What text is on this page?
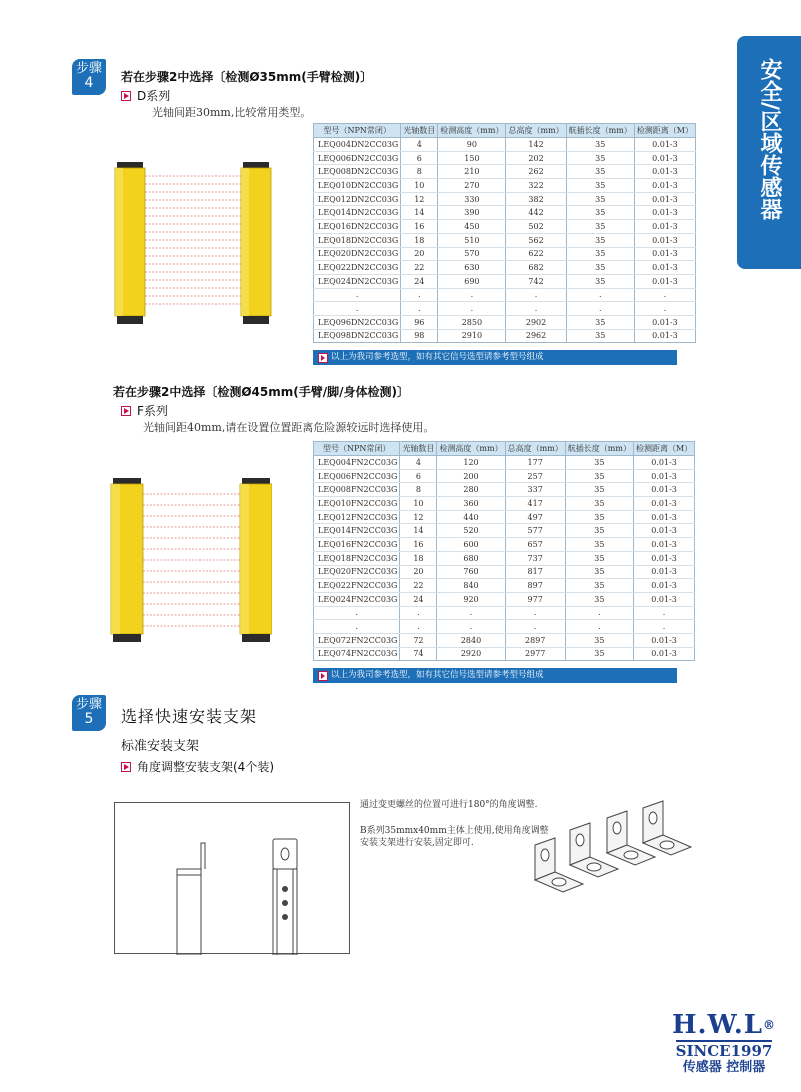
安全/区域传感器
步骤
4	若在步骤2中选择〔检测Ø35mm(手臂检测)〕
D系列
光轴间距30mm,比较常用类型。
型号（NPN常闭）	光轴数目	检测高度（mm）	总高度（mm）	航插长度（mm）	检测距离（M）
LEQ004DN2CC03G	4	90	142	35	0.01-3
LEQ006DN2CC03G	6	150	202	35	0.01-3
LEQ008DN2CC03G	8	210	262	35	0.01-3
LEQ010DN2CC03G	10	270	322	35	0.01-3
LEQ012DN2CC03G	12	330	382	35	0.01-3
LEQ014DN2CC03G	14	390	442	35	0.01-3
LEQ016DN2CC03G	16	450	502	35	0.01-3
LEQ018DN2CC03G	18	510	562	35	0.01-3
LEQ020DN2CC03G	20	570	622	35	0.01-3
LEQ022DN2CC03G	22	630	682	35	0.01-3
LEQ024DN2CC03G	24	690	742	35	0.01-3
.	.	.	.	.	.
.	.	.	.	.	.
LEQ096DN2CC03G	96	2850	2902	35	0.01-3
LEQ098DN2CC03G	98	2910	2962	35	0.01-3
以上为我司参考选型，如有其它信号选型请参考型号组成
若在步骤2中选择〔检测Ø45mm(手臂/脚/身体检测)〕
F系列
光轴间距40mm,请在设置位置距离危险源较远时选择使用。
型号（NPN常闭）	光轴数目	检测高度（mm）	总高度（mm）	航插长度（mm）	检测距离（M）
LEQ004FN2CC03G	4	120	177	35	0.01-3
LEQ006FN2CC03G	6	200	257	35	0.01-3
LEQ008FN2CC03G	8	280	337	35	0.01-3
LEQ010FN2CC03G	10	360	417	35	0.01-3
LEQ012FN2CC03G	12	440	497	35	0.01-3
LEQ014FN2CC03G	14	520	577	35	0.01-3
LEQ016FN2CC03G	16	600	657	35	0.01-3
LEQ018FN2CC03G	18	680	737	35	0.01-3
LEQ020FN2CC03G	20	760	817	35	0.01-3
LEQ022FN2CC03G	22	840	897	35	0.01-3
LEQ024FN2CC03G	24	920	977	35	0.01-3
.	.	.	.	.	.
.	.	.	.	.	.
LEQ072FN2CC03G	72	2840	2897	35	0.01-3
LEQ074FN2CC03G	74	2920	2977	35	0.01-3
以上为我司参考选型，如有其它信号选型请参考型号组成
步骤
5	选择快速安装支架
标准安装支架
角度调整安装支架(4个装)
通过变更螺丝的位置可进行180°的角度调整.
B系列35mmx40mm主体上使用,使用角度调整
安装支架进行安装,固定即可.
H.W.L®
SINCE1997
传感器 控制器
